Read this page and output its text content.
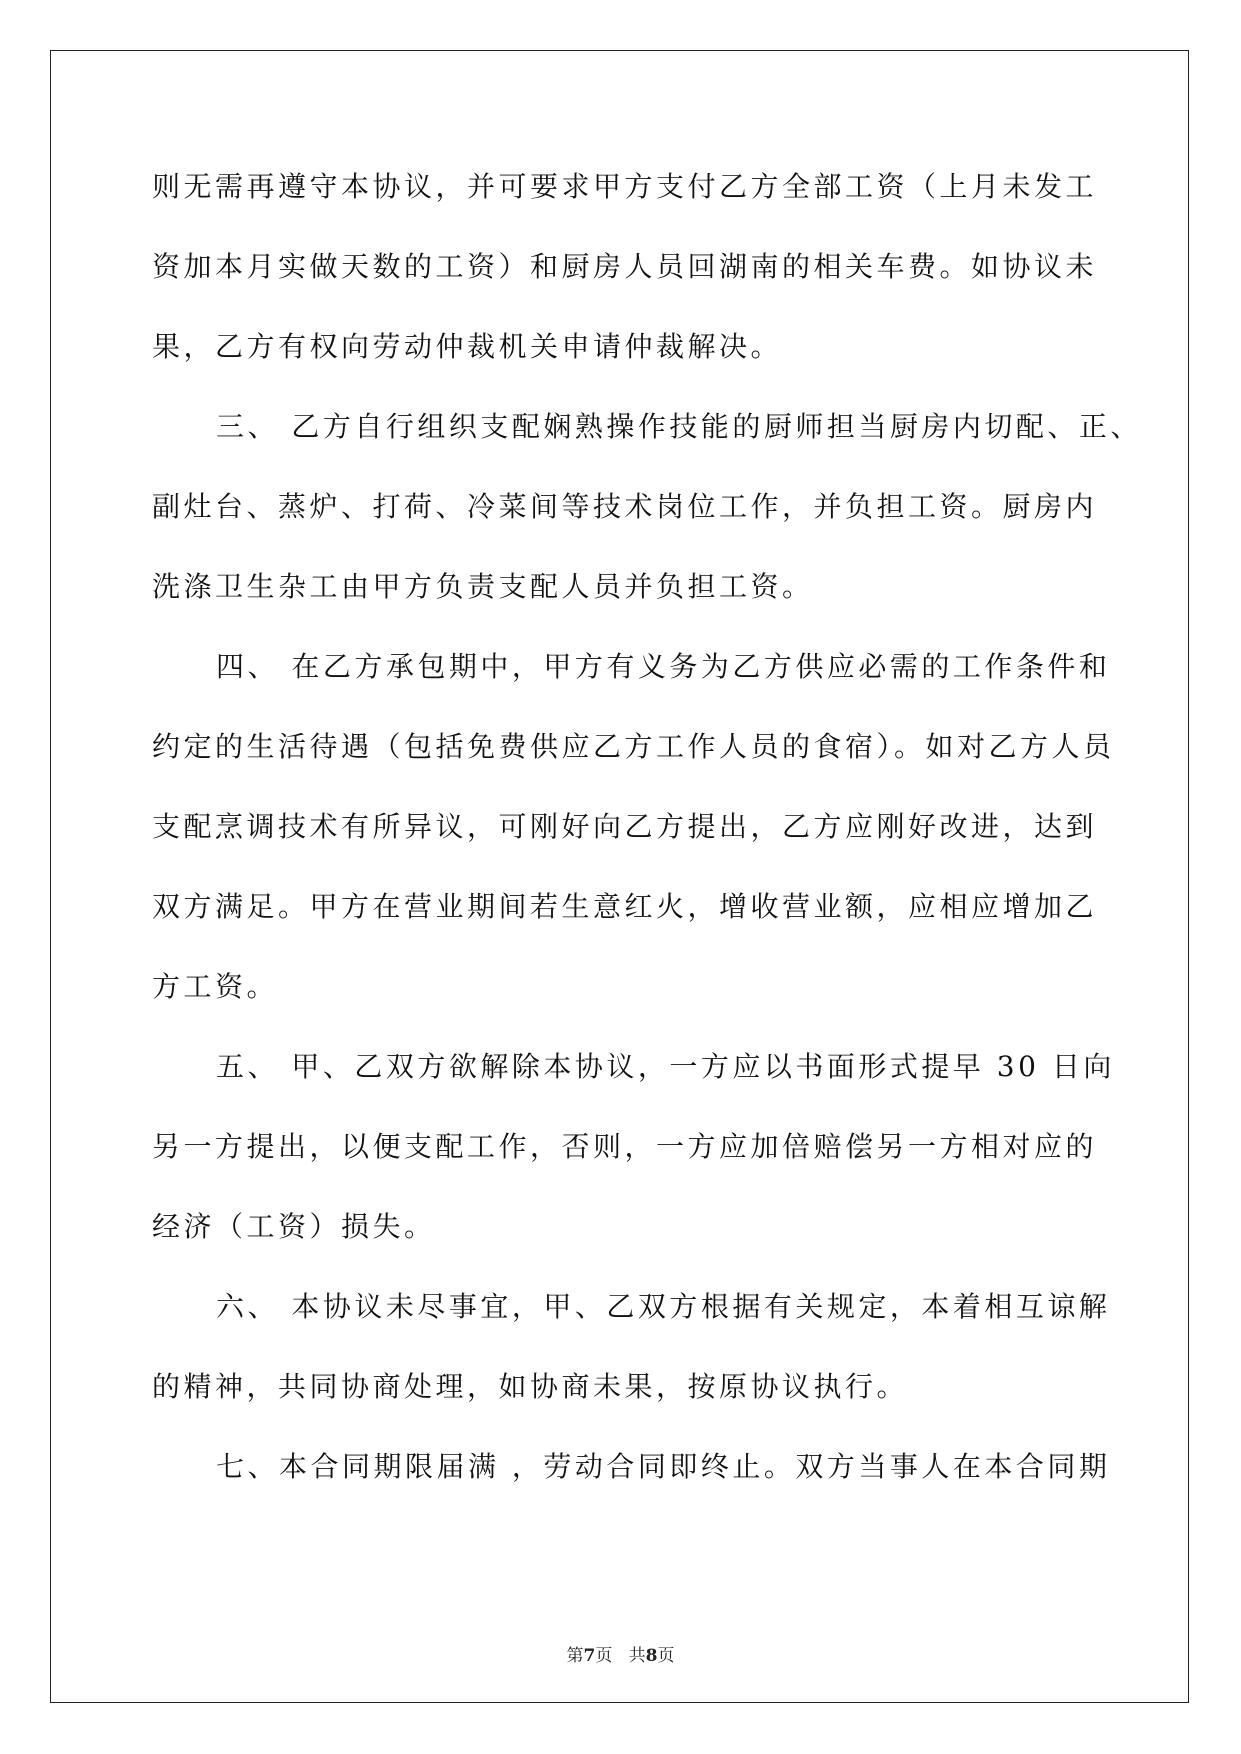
则无需再遵守本协议，并可要求甲方支付乙方全部工资（上月未发工
资加本月实做天数的工资）和厨房人员回湖南的相关车费。如协议未
果，乙方有权向劳动仲裁机关申请仲裁解决。
三、 乙方自行组织支配娴熟操作技能的厨师担当厨房内切配、正、
副灶台、蒸炉、打荷、冷菜间等技术岗位工作，并负担工资。厨房内
洗涤卫生杂工由甲方负责支配人员并负担工资。
四、 在乙方承包期中，甲方有义务为乙方供应必需的工作条件和
约定的生活待遇（包括免费供应乙方工作人员的食宿）。如对乙方人员
支配烹调技术有所异议，可刚好向乙方提出，乙方应刚好改进，达到
双方满足。甲方在营业期间若生意红火，增收营业额，应相应增加乙
方工资。
五、 甲、乙双方欲解除本协议，一方应以书面形式提早 30 日向
另一方提出，以便支配工作，否则，一方应加倍赔偿另一方相对应的
经济（工资）损失。
六、 本协议未尽事宜，甲、乙双方根据有关规定，本着相互谅解
的精神，共同协商处理，如协商未果，按原协议执行。
七、本合同期限届满 ，劳动合同即终止。双方当事人在本合同期
第7页 共8页
